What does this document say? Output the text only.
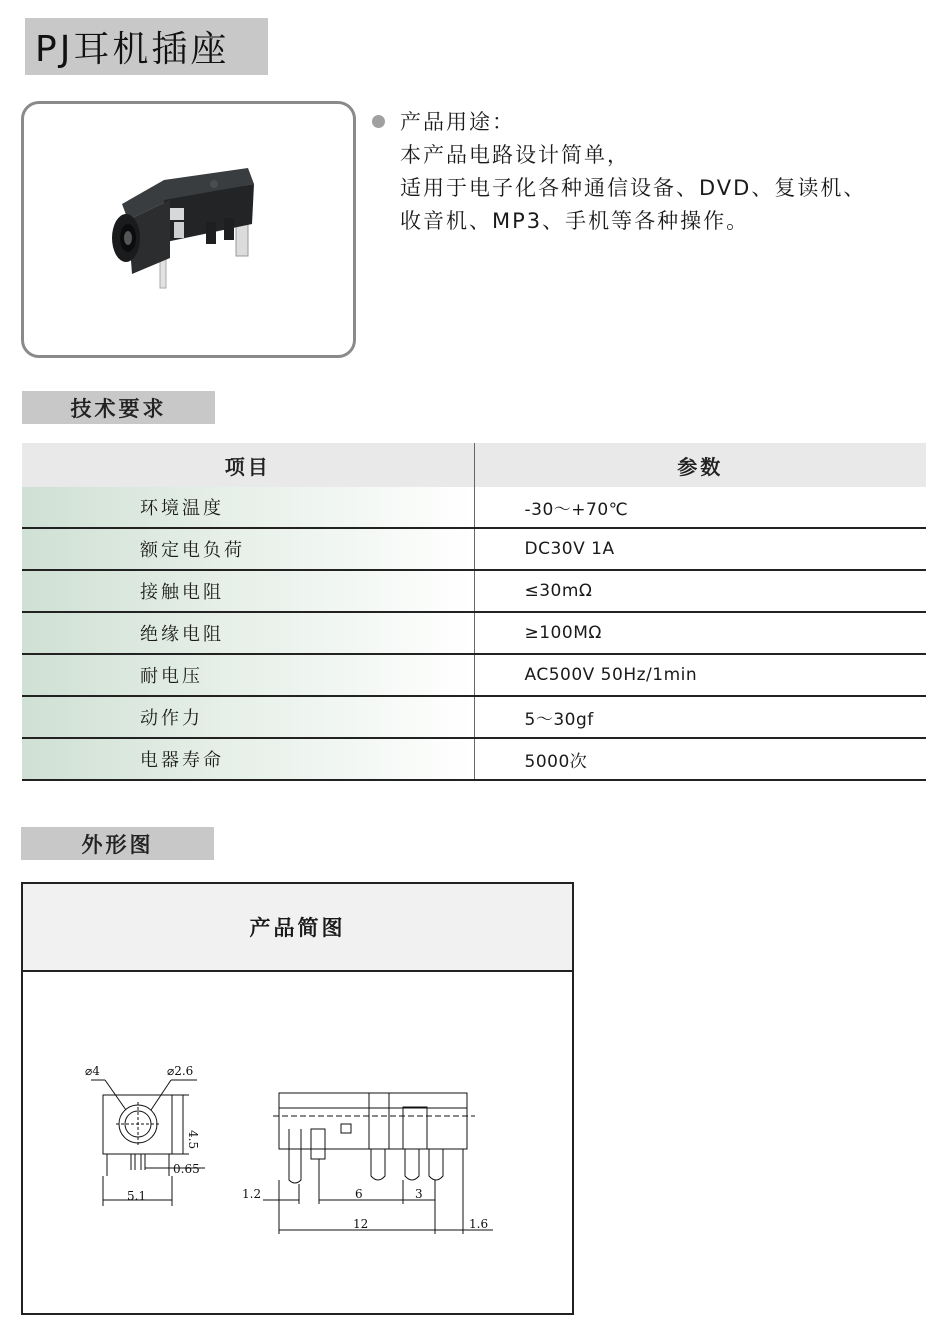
PJ耳机插座
产品用途：
本产品电路设计简单，
适用于电子化各种通信设备、DVD、复读机、
收音机、MP3、手机等各种操作。
技术要求
项目	参数
环境温度	-30～+70℃
额定电负荷	DC30V 1A
接触电阻	≤30mΩ
绝缘电阻	≥100MΩ
耐电压	AC500V 50Hz/1min
动作力	5～30gf
电器寿命	5000次
外形图
产品简图
⌀4	⌀2.6
4.5
0.65
5.1	1.2	6	3
12	1.6
